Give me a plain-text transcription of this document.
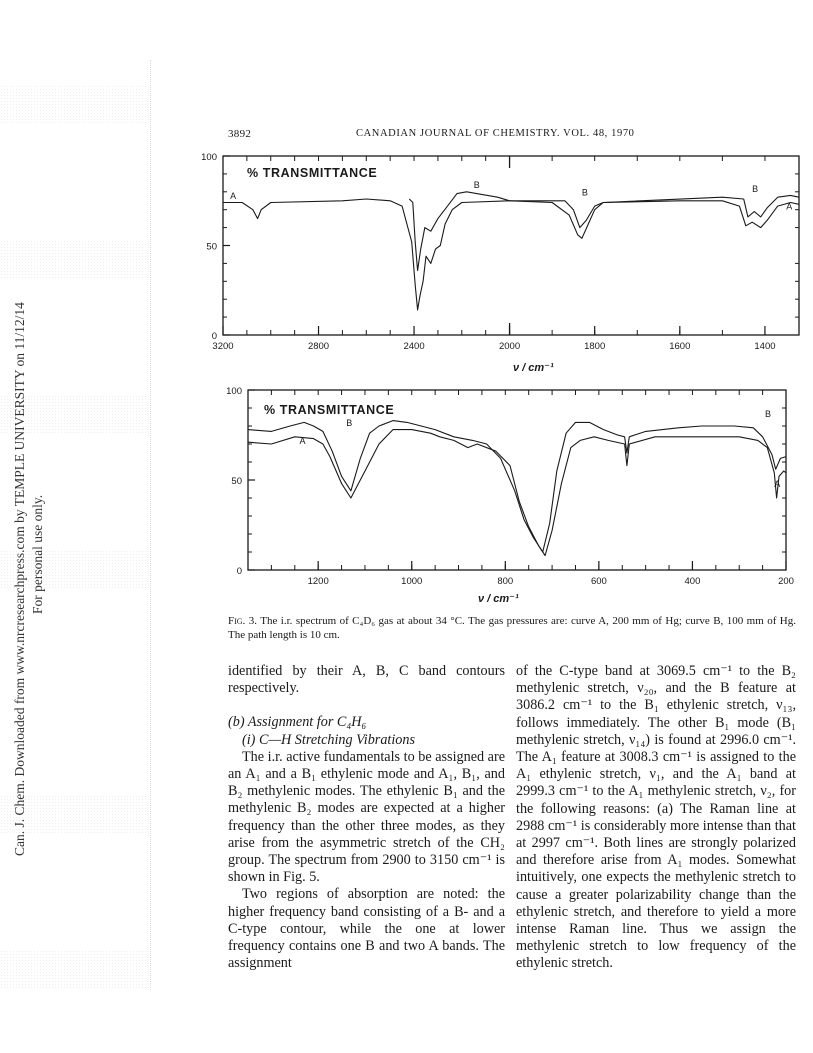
Can. J. Chem. Downloaded from www.nrcresearchpress.com by TEMPLE UNIVERSITY on 11/12/14 For personal use only.
3892	CANADIAN JOURNAL OF CHEMISTRY. VOL. 48, 1970
100
50
0
3200	2800	2400	2000	1800	1600	1400
% TRANSMITTANCE
ν / cm⁻¹
A
B
B	B
A
100
50
0
1200	1000	800	600	400	200
% TRANSMITTANCE
ν / cm⁻¹
A
B
B
A
Fig. 3. The i.r. spectrum of C₄D₆ gas at about 34 °C. The gas pressures are: curve A, 200 mm of Hg; curve B, 100 mm of Hg. The path length is 10 cm.

identified by their A, B, C band contours respectively.

(b) Assignment for C₄H₆

(i) C—H Stretching Vibrations

The i.r. active fundamentals to be assigned are an A₁ and a B₁ ethylenic mode and A₁, B₁, and B₂ methylenic modes. The ethylenic B₁ and the methylenic B₂ modes are expected at a higher frequency than the other three modes, as they arise from the asymmetric stretch of the CH₂ group. The spectrum from 2900 to 3150 cm⁻¹ is shown in Fig. 5.

Two regions of absorption are noted: the higher frequency band consisting of a B- and a C-type contour, while the one at lower frequency contains one B and two A bands. The assignment

of the C-type band at 3069.5 cm⁻¹ to the B₂ methylenic stretch, ν₂₀, and the B feature at 3086.2 cm⁻¹ to the B₁ ethylenic stretch, ν₁₃, follows immediately. The other B₁ mode (B₁ methylenic stretch, ν₁₄) is found at 2996.0 cm⁻¹. The A₁ feature at 3008.3 cm⁻¹ is assigned to the A₁ ethylenic stretch, ν₁, and the A₁ band at 2999.3 cm⁻¹ to the A₁ methylenic stretch, ν₂, for the following reasons: (a) The Raman line at 2988 cm⁻¹ is considerably more intense than that at 2997 cm⁻¹. Both lines are strongly polarized and therefore arise from A₁ modes. Somewhat intuitively, one expects the methylenic stretch to cause a greater polarizability change than the ethylenic stretch, and therefore to yield a more intense Raman line. Thus we assign the methylenic stretch to low frequency of the ethylenic stretch.
